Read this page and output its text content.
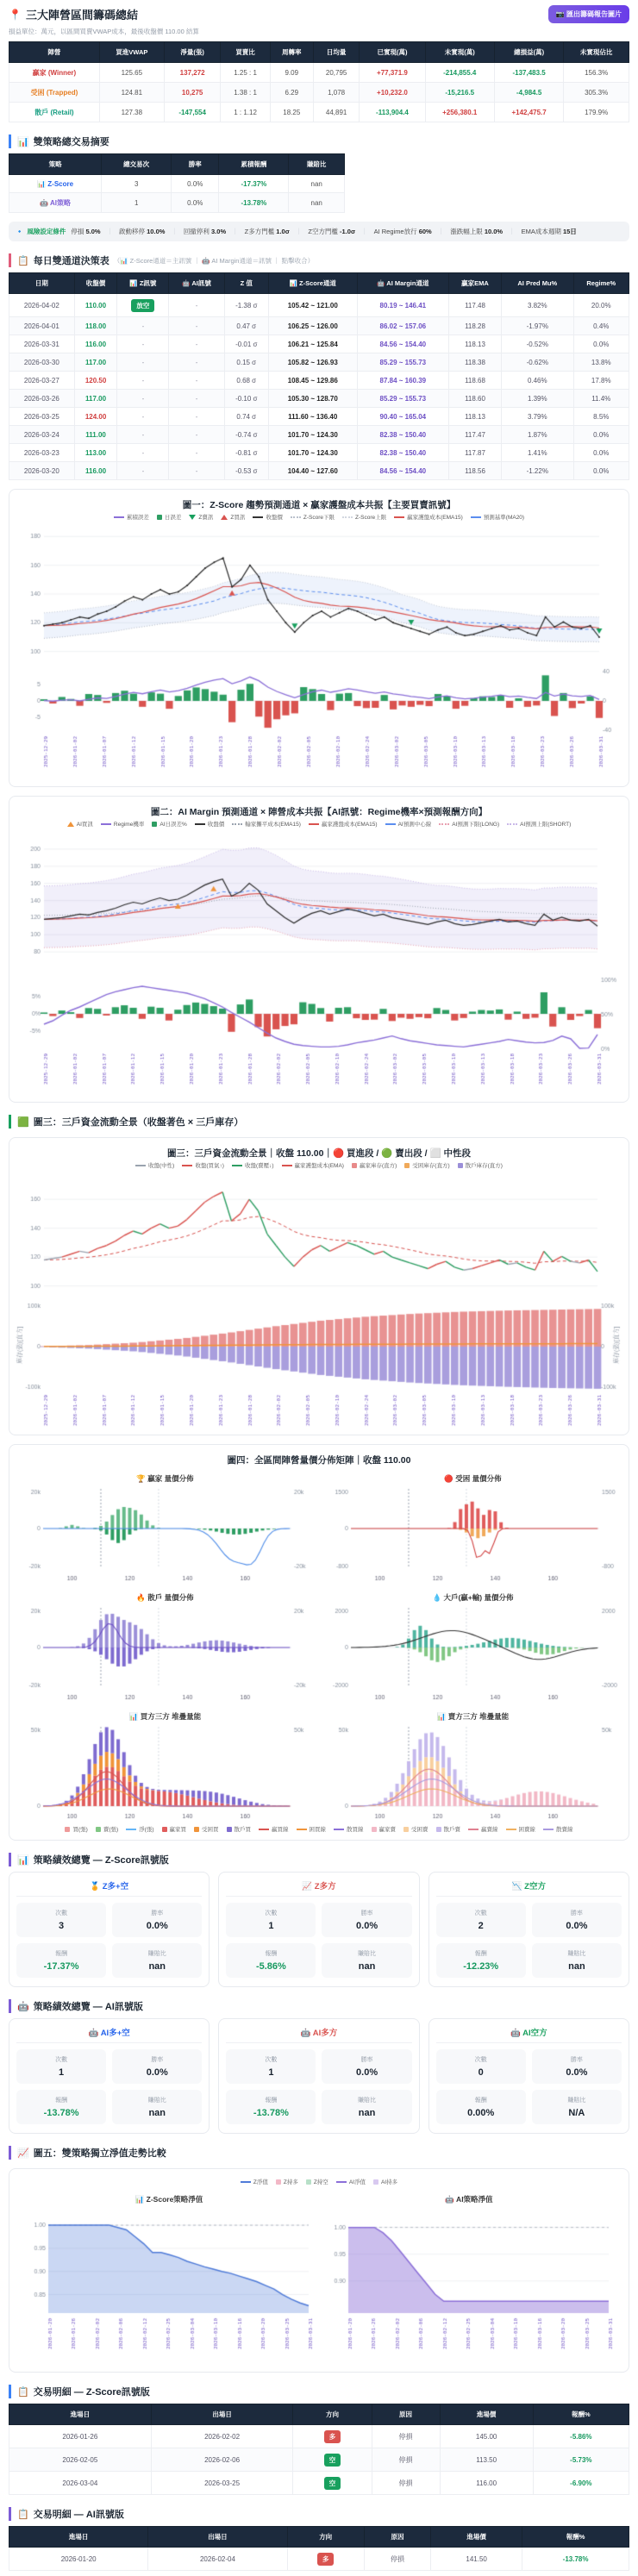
📍 三大陣營區間籌碼總結	📷 匯出籌碼報告圖片
損益單位：萬元，以區間買賣VWAP成本，最後收盤價 110.00 結算
陣營	買進VWAP	淨量(張)	買賣比	周轉率	日均量	已實現(萬)	未實現(萬)	總損益(萬)	未實現佔比
贏家 (Winner)	125.65	137,272	1.25 : 1	9.09	20,795	+77,371.9	-214,855.4	-137,483.5	156.3%
受困 (Trapped)	124.81	10,275	1.38 : 1	6.29	1,078	+10,232.0	-15,216.5	-4,984.5	305.3%
散戶 (Retail)	127.38	-147,554	1 : 1.12	18.25	44,891	-113,904.4	+256,380.1	+142,475.7	179.9%
📊 雙策略總交易摘要
策略	總交易次	勝率	累積報酬	賺賠比
📊 Z-Score	3	0.0%	-17.37%	nan
🤖 AI策略	1	0.0%	-13.78%	nan
🔹 風險設定條件 停損 5.0% ｜ 啟動移停 10.0% ｜ 回撤停利 3.0% ｜ Z多方門檻 1.0σ ｜ Z空方門檻 -1.0σ ｜ AI Regime放行 60% ｜ 漲跌幅上限 10.0% ｜ EMA成本週期 15日
📋 每日雙通道決策表 （📊 Z-Score通道＝主訊號 ｜ 🤖 AI Margin通道＝訊號 ｜ 點擊收合）
日期	收盤價	📊 Z訊號	🤖 AI訊號	Z 值	📊 Z-Score通道	🤖 AI Margin通道	贏家EMA	AI Pred Mu%	Regime%
2026-04-02	110.00	放空	-	-1.38 σ	105.42 ~ 121.00	80.19 ~ 146.41	117.48	3.82%	20.0%
2026-04-01	118.00	-	-	0.47 σ	106.25 ~ 126.00	86.02 ~ 157.06	118.28	-1.97%	0.4%
2026-03-31	116.00	-	-	-0.01 σ	106.21 ~ 125.84	84.56 ~ 154.40	118.13	-0.52%	0.0%
2026-03-30	117.00	-	-	0.15 σ	105.82 ~ 126.93	85.29 ~ 155.73	118.38	-0.62%	13.8%
2026-03-27	120.50	-	-	0.68 σ	108.45 ~ 129.86	87.84 ~ 160.39	118.68	0.46%	17.8%
2026-03-26	117.00	-	-	-0.10 σ	105.30 ~ 128.70	85.29 ~ 155.73	118.60	1.39%	11.4%
2026-03-25	124.00	-	-	0.74 σ	111.60 ~ 136.40	90.40 ~ 165.04	118.13	3.79%	8.5%
2026-03-24	111.00	-	-	-0.74 σ	101.70 ~ 124.30	82.38 ~ 150.40	117.47	1.87%	0.0%
2026-03-23	113.00	-	-	-0.81 σ	101.70 ~ 124.30	82.38 ~ 150.40	117.87	1.41%	0.0%
2026-03-20	116.00	-	-	-0.53 σ	104.40 ~ 127.60	84.56 ~ 154.40	118.56	-1.22%	0.0%
圖一：Z-Score 趨勢預測通道 × 贏家護盤成本共振【主要買賣訊號】
累積誤差	日誤差	Z賣訊	Z買訊	收盤價	Z-Score下限	Z-Score上限	贏家護盤成本(EMA15)	預測基準(MA20)
圖二：AI Margin 預測通道 × 陣營成本共振【AI訊號：Regime機率×預測報酬方向】
AI買訊	Regime機率	AI日誤差%	收盤價	輸家攤平成本(EMA15)	贏家護盤成本(EMA15)	AI預測中心線	AI預測下限(LONG)	AI預測上限(SHORT)
🟩 圖三：三戶資金流動全景（收盤著色 × 三戶庫存）
圖三：三戶資金流動全景｜收盤 110.00｜🔴 買進段 / 🟢 賣出段 / ⬜ 中性段
收盤(中性)	收盤(買氣↑)	收盤(賣壓↓)	贏家護盤成本(EMA)	贏家庫存(直方)	受困庫存(直方)	散戶庫存(直方)
圖四：全區間陣營量價分佈矩陣｜收盤 110.00
🏆 贏家 量價分佈	🔴 受困 量價分佈
🔥 散戶 量價分佈	💧 大戶(贏+輸) 量價分佈
📊 買方三方 堆疊量能	📊 賣方三方 堆疊量能
買(張)	賣(張)	淨(張)	贏家買	受困買	散戶買	贏買線	困買線	散買線	贏家賣	受困賣	散戶賣	贏賣線	困賣線	散賣線
📊 策略績效總覽 — Z-Score訊號版
🏅 Z多+空
次數
3
勝率
0.0%
報酬
-17.37%
賺賠比
nan
📈 Z多方
次數
1
勝率
0.0%
報酬
-5.86%
賺賠比
nan
📉 Z空方
次數
2
勝率
0.0%
報酬
-12.23%
賺賠比
nan
🤖 策略績效總覽 — AI訊號版
🤖 AI多+空
次數
1
勝率
0.0%
報酬
-13.78%
賺賠比
nan
🤖 AI多方
次數
1
勝率
0.0%
報酬
-13.78%
賺賠比
nan
🤖 AI空方
次數
0
勝率
0.0%
報酬
0.00%
賺賠比
N/A
📈 圖五：雙策略獨立淨值走勢比較
Z淨值	Z持多	Z持空	AI淨值	AI持多
📊 Z-Score策略淨值	🤖 AI策略淨值
📋 交易明細 — Z-Score訊號版
進場日	出場日	方向	原因	進場價	報酬%
2026-01-26	2026-02-02	多	停損	145.00	-5.86%
2026-02-05	2026-02-06	空	停損	113.50	-5.73%
2026-03-04	2026-03-25	空	停損	116.00	-6.90%
📋 交易明細 — AI訊號版
進場日	出場日	方向	原因	進場價	報酬%
2026-01-20	2026-02-04	多	停損	141.50	-13.78%
